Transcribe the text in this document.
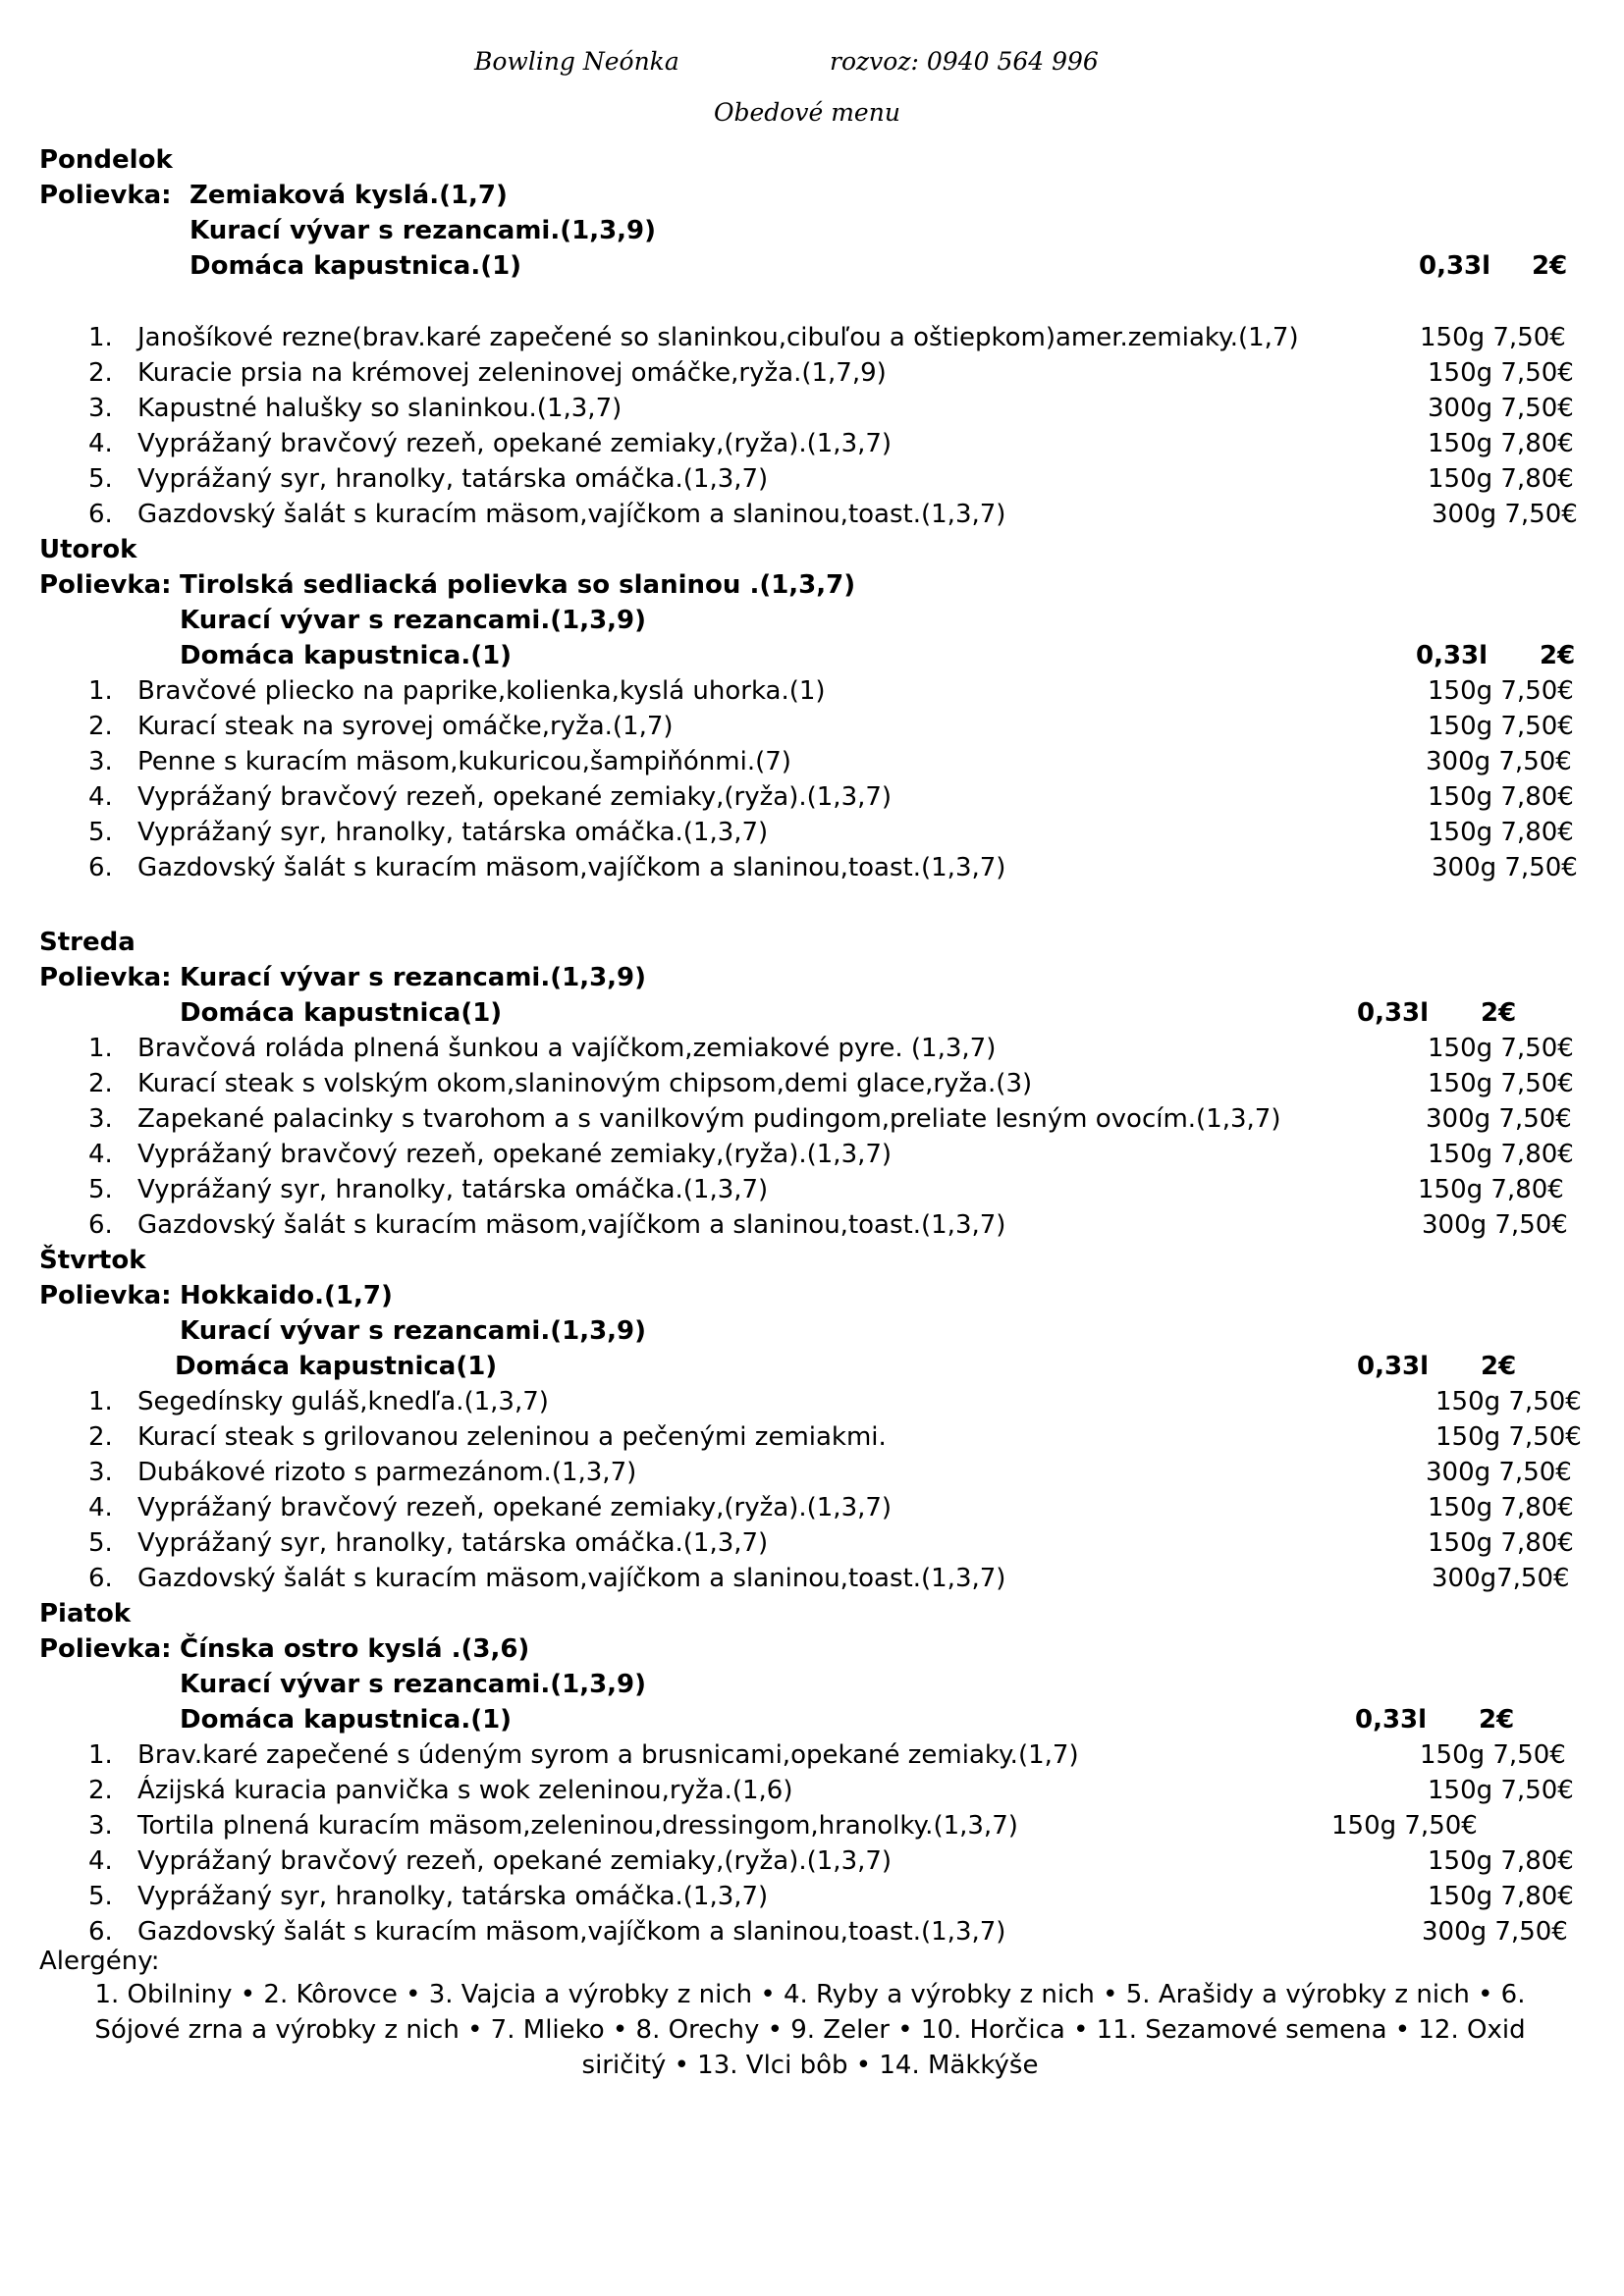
Bowling Neónka	rozvoz: 0940 564 996
Obedové menu
Pondelok
Polievka: Zemiaková kyslá.(1,7)
Kurací vývar s rezancami.(1,3,9)
Domáca kapustnica.(1)	0,33l 2€
1. Janošíkové rezne(brav.karé zapečené so slaninkou,cibuľou a oštiepkom)amer.zemiaky.(1,7)	150g 7,50€
2. Kuracie prsia na krémovej zeleninovej omáčke,ryža.(1,7,9)	150g 7,50€
3. Kapustné halušky so slaninkou.(1,3,7)	300g 7,50€
4. Vyprážaný bravčový rezeň, opekané zemiaky,(ryža).(1,3,7)	150g 7,80€
5. Vyprážaný syr, hranolky, tatárska omáčka.(1,3,7)	150g 7,80€
6. Gazdovský šalát s kuracím mäsom,vajíčkom a slaninou,toast.(1,3,7)	300g 7,50€
Utorok
Polievka: Tirolská sedliacká polievka so slaninou .(1,3,7)
Kurací vývar s rezancami.(1,3,9)
Domáca kapustnica.(1)	0,33l 2€
1. Bravčové pliecko na paprike,kolienka,kyslá uhorka.(1)	150g 7,50€
2. Kurací steak na syrovej omáčke,ryža.(1,7)	150g 7,50€
3. Penne s kuracím mäsom,kukuricou,šampiňónmi.(7)	300g 7,50€
4. Vyprážaný bravčový rezeň, opekané zemiaky,(ryža).(1,3,7)	150g 7,80€
5. Vyprážaný syr, hranolky, tatárska omáčka.(1,3,7)	150g 7,80€
6. Gazdovský šalát s kuracím mäsom,vajíčkom a slaninou,toast.(1,3,7)	300g 7,50€
Streda
Polievka: Kurací vývar s rezancami.(1,3,9)
Domáca kapustnica(1)	0,33l 2€
1. Bravčová roláda plnená šunkou a vajíčkom,zemiakové pyre. (1,3,7)	150g 7,50€
2. Kurací steak s volským okom,slaninovým chipsom,demi glace,ryža.(3)	150g 7,50€
3. Zapekané palacinky s tvarohom a s vanilkovým pudingom,preliate lesným ovocím.(1,3,7)	300g 7,50€
4. Vyprážaný bravčový rezeň, opekané zemiaky,(ryža).(1,3,7)	150g 7,80€
5. Vyprážaný syr, hranolky, tatárska omáčka.(1,3,7)	150g 7,80€
6. Gazdovský šalát s kuracím mäsom,vajíčkom a slaninou,toast.(1,3,7)	300g 7,50€
Štvrtok
Polievka: Hokkaido.(1,7)
Kurací vývar s rezancami.(1,3,9)
Domáca kapustnica(1)	0,33l 2€
1. Segedínsky guláš,knedľa.(1,3,7)	150g 7,50€
2. Kurací steak s grilovanou zeleninou a pečenými zemiakmi.	150g 7,50€
3. Dubákové rizoto s parmezánom.(1,3,7)	300g 7,50€
4. Vyprážaný bravčový rezeň, opekané zemiaky,(ryža).(1,3,7)	150g 7,80€
5. Vyprážaný syr, hranolky, tatárska omáčka.(1,3,7)	150g 7,80€
6. Gazdovský šalát s kuracím mäsom,vajíčkom a slaninou,toast.(1,3,7)	300g7,50€
Piatok
Polievka: Čínska ostro kyslá .(3,6)
Kurací vývar s rezancami.(1,3,9)
Domáca kapustnica.(1)	0,33l 2€
1. Brav.karé zapečené s údeným syrom a brusnicami,opekané zemiaky.(1,7)	150g 7,50€
2. Ázijská kuracia panvička s wok zeleninou,ryža.(1,6)	150g 7,50€
3. Tortila plnená kuracím mäsom,zeleninou,dressingom,hranolky.(1,3,7)	150g 7,50€
4. Vyprážaný bravčový rezeň, opekané zemiaky,(ryža).(1,3,7)	150g 7,80€
5. Vyprážaný syr, hranolky, tatárska omáčka.(1,3,7)	150g 7,80€
6. Gazdovský šalát s kuracím mäsom,vajíčkom a slaninou,toast.(1,3,7)	300g 7,50€
Alergény:
1. Obilniny • 2. Kôrovce • 3. Vajcia a výrobky z nich • 4. Ryby a výrobky z nich • 5. Arašidy a výrobky z nich • 6. Sójové zrna a výrobky z nich • 7. Mlieko • 8. Orechy • 9. Zeler • 10. Horčica • 11. Sezamové semena • 12. Oxid siričitý • 13. Vlci bôb • 14. Mäkkýše
